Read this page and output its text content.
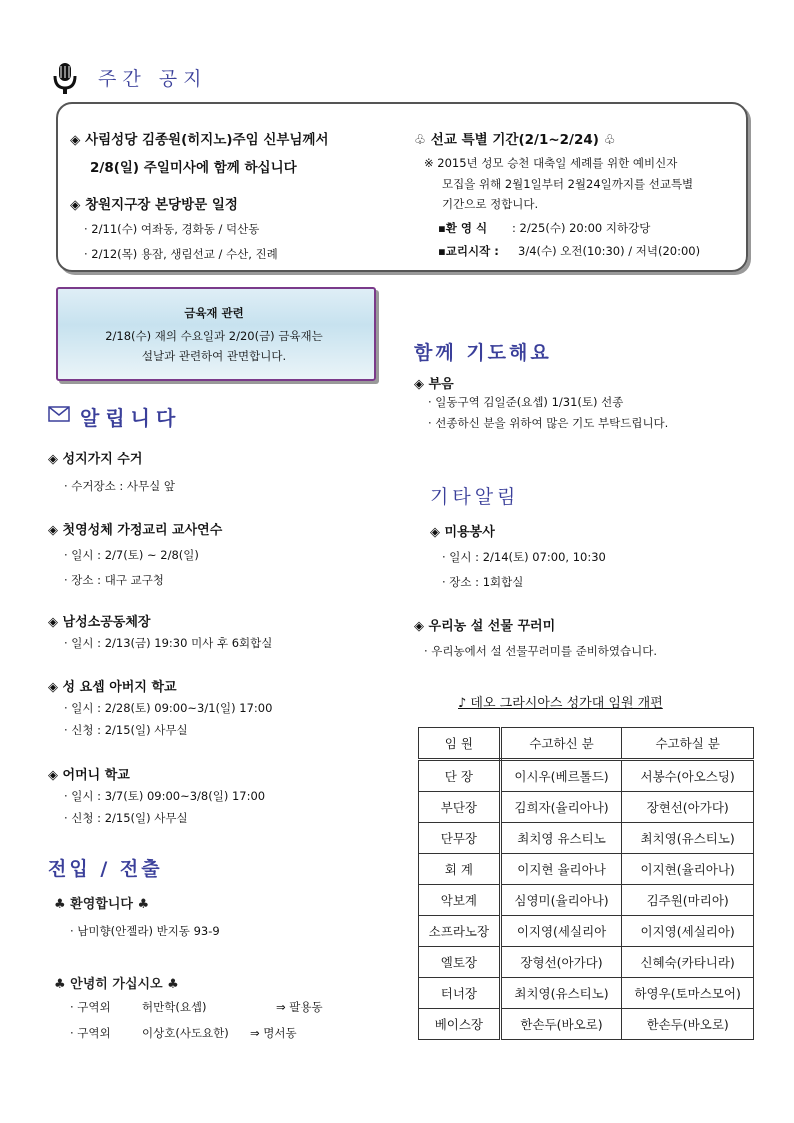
주간 공지
◈ 사림성당 김종원(히지노)주임 신부님께서
2/8(일) 주일미사에 함께 하십니다
◈ 창원지구장 본당방문 일정
· 2/11(수) 여좌동, 경화동 / 덕산동
· 2/12(목) 용잠, 생림선교 / 수산, 진례
♧ 선교 특별 기간(2/1~2/24) ♧
※ 2015년 성모 승천 대축일 세례를 위한 예비신자
모집을 위해 2월1일부터 2월24일까지를 선교특별
기간으로 정합니다.
▪환 영 식 : 2/25(수) 20:00 지하강당
▪교리시작 : 3/4(수) 오전(10:30) / 저녁(20:00)
금육재 관련
2/18(수) 재의 수요일과 2/20(금) 금육재는
설날과 관련하여 관면합니다.
알립니다
◈ 성지가지 수거
· 수거장소 : 사무실 앞
◈ 첫영성체 가정교리 교사연수
· 일시 : 2/7(토) ~ 2/8(일)
· 장소 : 대구 교구청
◈ 남성소공동체장
· 일시 : 2/13(금) 19:30 미사 후 6회합실
◈ 성 요셉 아버지 학교
· 일시 : 2/28(토) 09:00~3/1(일) 17:00
· 신청 : 2/15(일) 사무실
◈ 어머니 학교
· 일시 : 3/7(토) 09:00~3/8(일) 17:00
· 신청 : 2/15(일) 사무실
전입 / 전출
♣ 환영합니다 ♣
· 남미향(안젤라) 반지동 93-9
♣ 안녕히 가십시오 ♣
· 구역외	허만학(요셉)	⇒ 팔용동
· 구역외	이상호(사도요한) ⇒ 명서동
함께 기도해요
◈ 부음
· 일동구역 김일준(요셉) 1/31(토) 선종
· 선종하신 분을 위하여 많은 기도 부탁드립니다.
기타알림
◈ 미용봉사
· 일시 : 2/14(토) 07:00, 10:30
· 장소 : 1회합실
◈ 우리농 설 선물 꾸러미
· 우리농에서 설 선물꾸러미를 준비하였습니다.
♪ 데오 그라시아스 성가대 임원 개편
임 원	수고하신 분	수고하실 분
단 장	이시우(베르톨드)	서봉수(아오스딩)
부단장	김희자(율리아나)	장현선(아가다)
단무장	최치영 유스티노	최치영(유스티노)
회 계	이지현 율리아나	이지현(율리아나)
악보계	심영미(율리아나)	김주원(마리아)
소프라노장	이지영(세실리아	이지영(세실리아)
엘토장	장형선(아가다)	신혜숙(카타니라)
터너장	최치영(유스티노)	하영우(토마스모어)
베이스장	한손두(바오로)	한손두(바오로)
